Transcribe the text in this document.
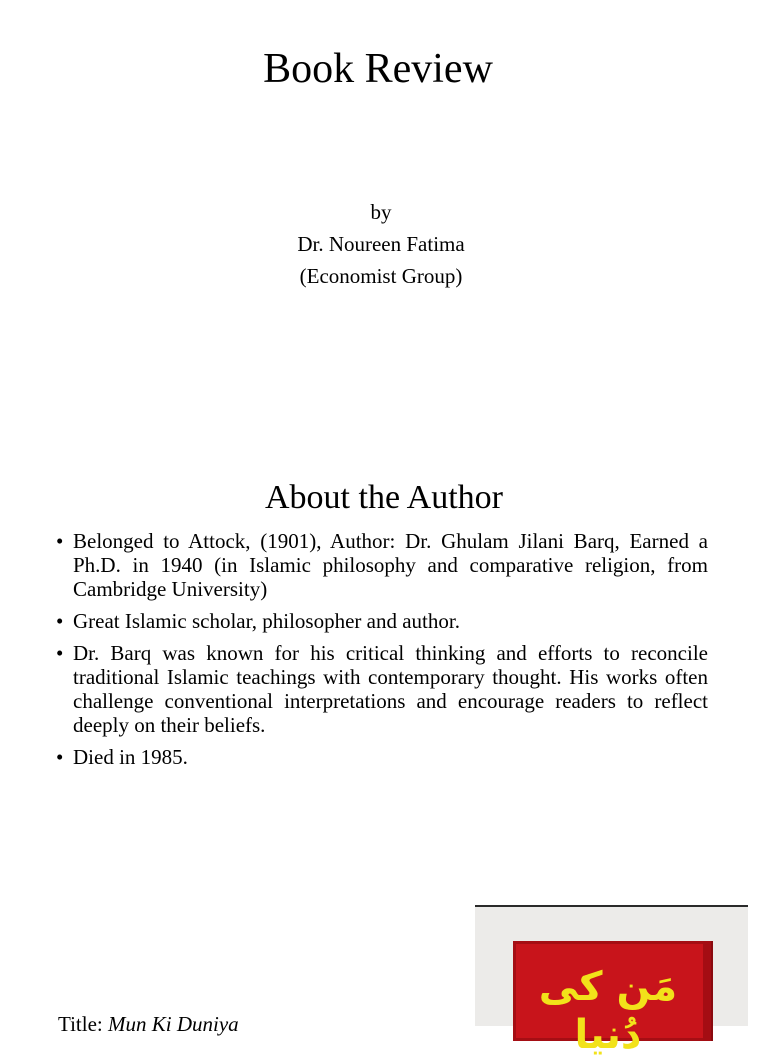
Book Review
by
Dr. Noureen Fatima
(Economist Group)
About the Author
• Belonged to Attock, (1901), Author: Dr. Ghulam Jilani Barq, Earned a Ph.D. in 1940 (in Islamic philosophy and comparative religion, from Cambridge University)
• Great Islamic scholar, philosopher and author.
• Dr. Barq was known for his critical thinking and efforts to reconcile traditional Islamic teachings with contemporary thought. His works often challenge conventional interpretations and encourage readers to reflect deeply on their beliefs.
• Died in 1985.
Title: Mun Ki Duniya
مَن کی دُنیا
